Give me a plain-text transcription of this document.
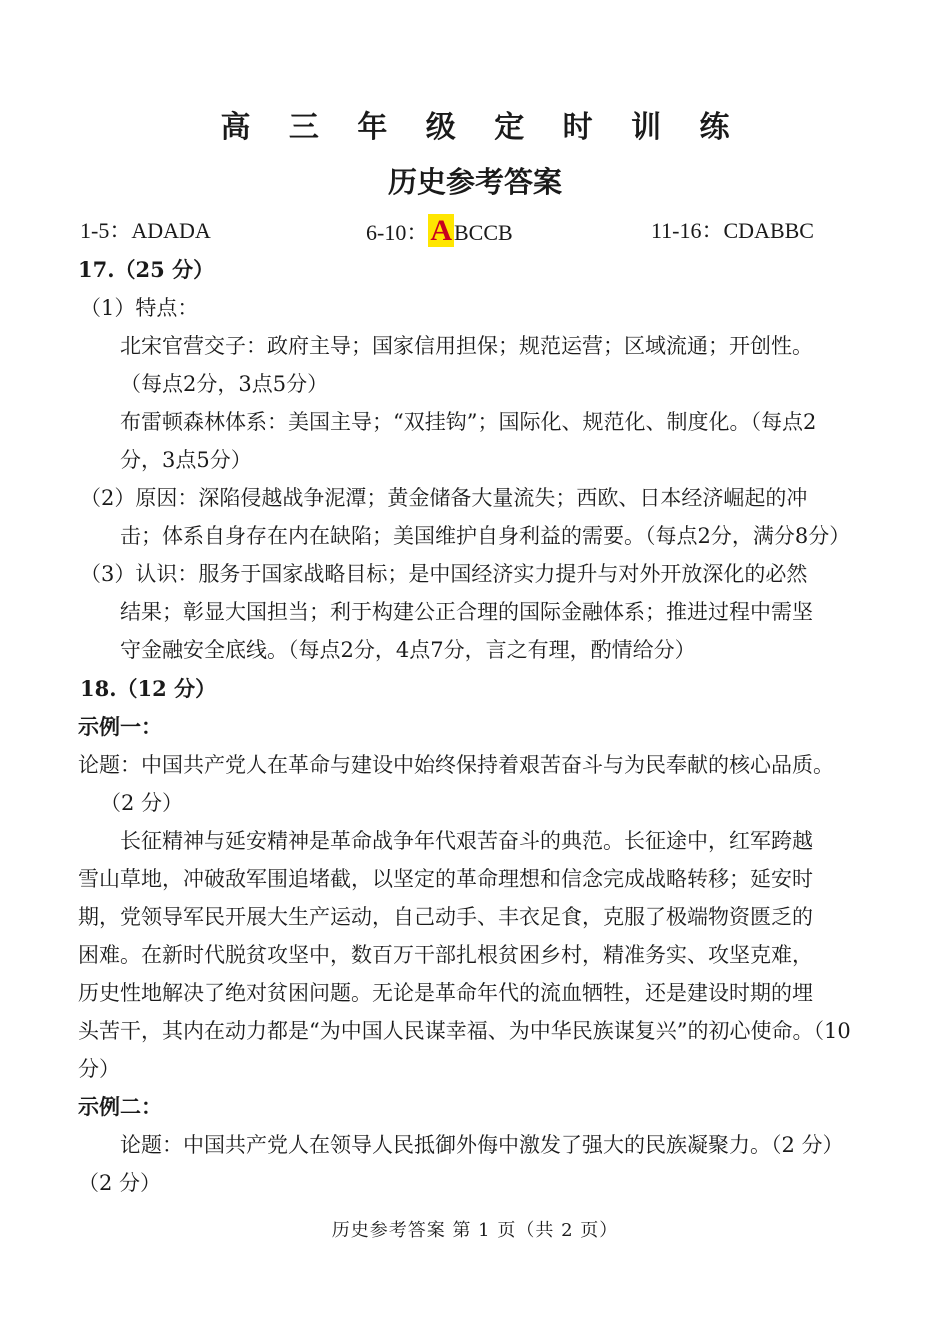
高 三 年 级 定 时 训 练
历史参考答案
1-5：ADADA	6-10：ABCCB	11-16：CDABBC
17.（25 分）
（1）特点：
北宋官营交子：政府主导；国家信用担保；规范运营；区域流通；开创性。
（每点2分，3点5分）
布雷顿森林体系：美国主导；“双挂钩”；国际化、规范化、制度化。（每点2
分，3点5分）
（2）原因：深陷侵越战争泥潭；黄金储备大量流失；西欧、日本经济崛起的冲
击；体系自身存在内在缺陷；美国维护自身利益的需要。（每点2分，满分8分）
（3）认识：服务于国家战略目标；是中国经济实力提升与对外开放深化的必然
结果；彰显大国担当；利于构建公正合理的国际金融体系；推进过程中需坚
守金融安全底线。（每点2分，4点7分，言之有理，酌情给分）
18.（12 分）
示例一：
论题：中国共产党人在革命与建设中始终保持着艰苦奋斗与为民奉献的核心品质。
（2 分）
长征精神与延安精神是革命战争年代艰苦奋斗的典范。长征途中，红军跨越
雪山草地，冲破敌军围追堵截，以坚定的革命理想和信念完成战略转移；延安时
期，党领导军民开展大生产运动，自己动手、丰衣足食，克服了极端物资匮乏的
困难。在新时代脱贫攻坚中，数百万干部扎根贫困乡村，精准务实、攻坚克难，
历史性地解决了绝对贫困问题。无论是革命年代的流血牺牲，还是建设时期的埋
头苦干，其内在动力都是“为中国人民谋幸福、为中华民族谋复兴”的初心使命。（10
分）
示例二：
论题：中国共产党人在领导人民抵御外侮中激发了强大的民族凝聚力。（2 分）
（2 分）
历史参考答案 第 1 页（共 2 页）
